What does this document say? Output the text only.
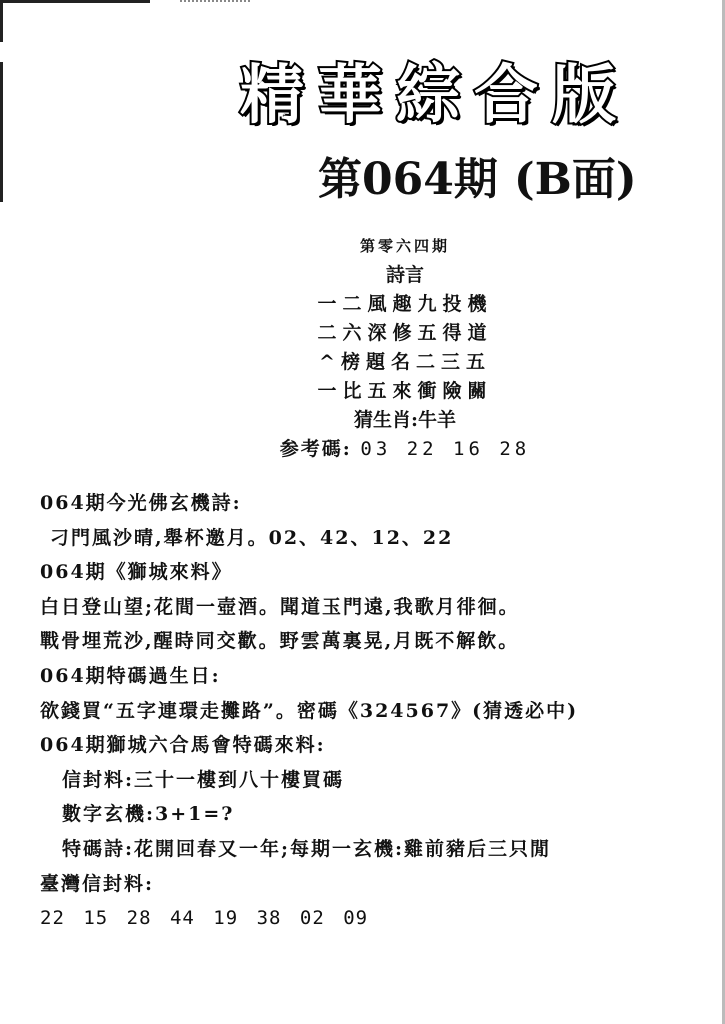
精華綜合版
第064期 (B面)
第零六四期
詩言
一二風趣九投機
二六深修五得道
^榜題名二三五
一比五來衝險關
猜生肖:牛羊
参考碼: 03 22 16 28
064期今光佛玄機詩:
刁門風沙晴,舉杯邀月。02、42、12、22
064期《獅城來料》
白日登山望;花間一壺酒。聞道玉門遠,我歌月徘徊。
戰骨埋荒沙,醒時同交歡。野雲萬裏晃,月既不解飲。
064期特碼過生日:
欲錢買“五字連環走攤路”。密碼《324567》(猜透必中)
064期獅城六合馬會特碼來料:
信封料:三十一樓到八十樓買碼
數字玄機:3+1=?
特碼詩:花開回春又一年;每期一玄機:雞前豬后三只閒
臺灣信封料:
22 15 28 44 19 38 02 09
